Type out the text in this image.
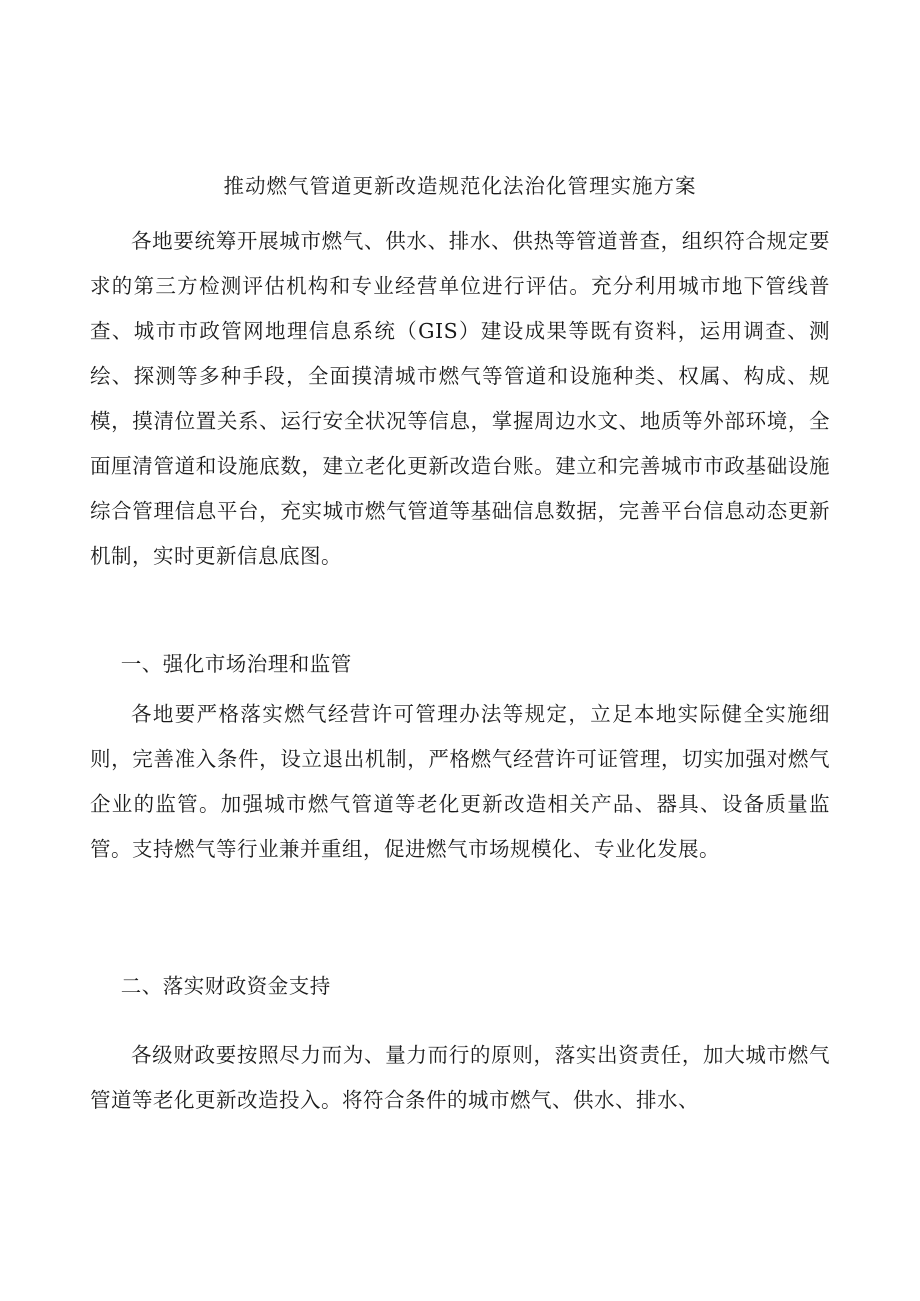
推动燃气管道更新改造规范化法治化管理实施方案

各地要统筹开展城市燃气、供水、排水、供热等管道普查，组织符合规定要求的第三方检测评估机构和专业经营单位进行评估。充分利用城市地下管线普查、城市市政管网地理信息系统（GIS）建设成果等既有资料，运用调查、测绘、探测等多种手段，全面摸清城市燃气等管道和设施种类、权属、构成、规模，摸清位置关系、运行安全状况等信息，掌握周边水文、地质等外部环境，全面厘清管道和设施底数，建立老化更新改造台账。建立和完善城市市政基础设施综合管理信息平台，充实城市燃气管道等基础信息数据，完善平台信息动态更新机制，实时更新信息底图。

一、强化市场治理和监管

各地要严格落实燃气经营许可管理办法等规定，立足本地实际健全实施细则，完善准入条件，设立退出机制，严格燃气经营许可证管理，切实加强对燃气企业的监管。加强城市燃气管道等老化更新改造相关产品、器具、设备质量监管。支持燃气等行业兼并重组，促进燃气市场规模化、专业化发展。

二、落实财政资金支持

各级财政要按照尽力而为、量力而行的原则，落实出资责任，加大城市燃气管道等老化更新改造投入。将符合条件的城市燃气、供水、排水、
